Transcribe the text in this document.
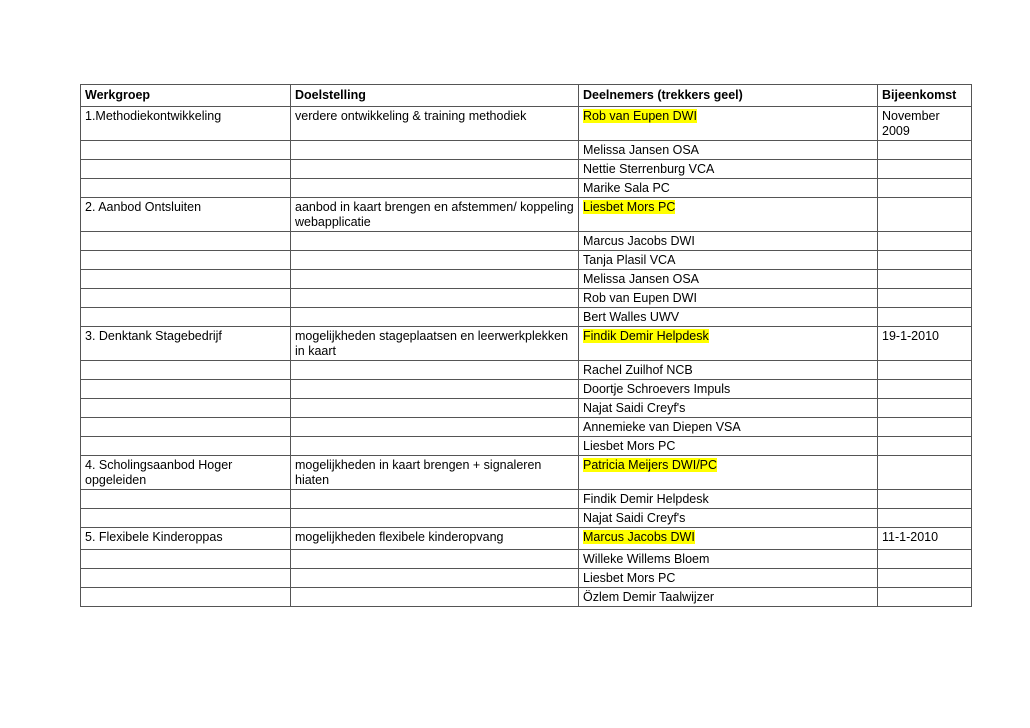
Werkgroep	Doelstelling	Deelnemers (trekkers geel)	Bijeenkomst
1.Methodiekontwikkeling	verdere ontwikkeling & training methodiek	Rob van Eupen DWI	November 2009
		Melissa Jansen OSA	
		Nettie Sterrenburg VCA	
		Marike Sala PC	
2. Aanbod Ontsluiten	aanbod in kaart brengen en afstemmen/ koppeling webapplicatie	Liesbet Mors PC	
		Marcus Jacobs DWI	
		Tanja Plasil VCA	
		Melissa Jansen OSA	
		Rob van Eupen DWI	
		Bert Walles UWV	
3. Denktank Stagebedrijf	mogelijkheden stageplaatsen en leerwerkplekken in kaart	Findik Demir Helpdesk	19-1-2010
		Rachel Zuilhof NCB	
		Doortje Schroevers Impuls	
		Najat Saidi Creyf's	
		Annemieke van Diepen VSA	
		Liesbet Mors PC	
4. Scholingsaanbod Hoger opgeleiden	mogelijkheden in kaart brengen + signaleren hiaten	Patricia Meijers DWI/PC	
		Findik Demir Helpdesk	
		Najat Saidi Creyf's	
5. Flexibele Kinderoppas	mogelijkheden flexibele kinderopvang	Marcus Jacobs DWI	11-1-2010
		Willeke Willems Bloem	
		Liesbet Mors PC	
		Özlem Demir Taalwijzer	
